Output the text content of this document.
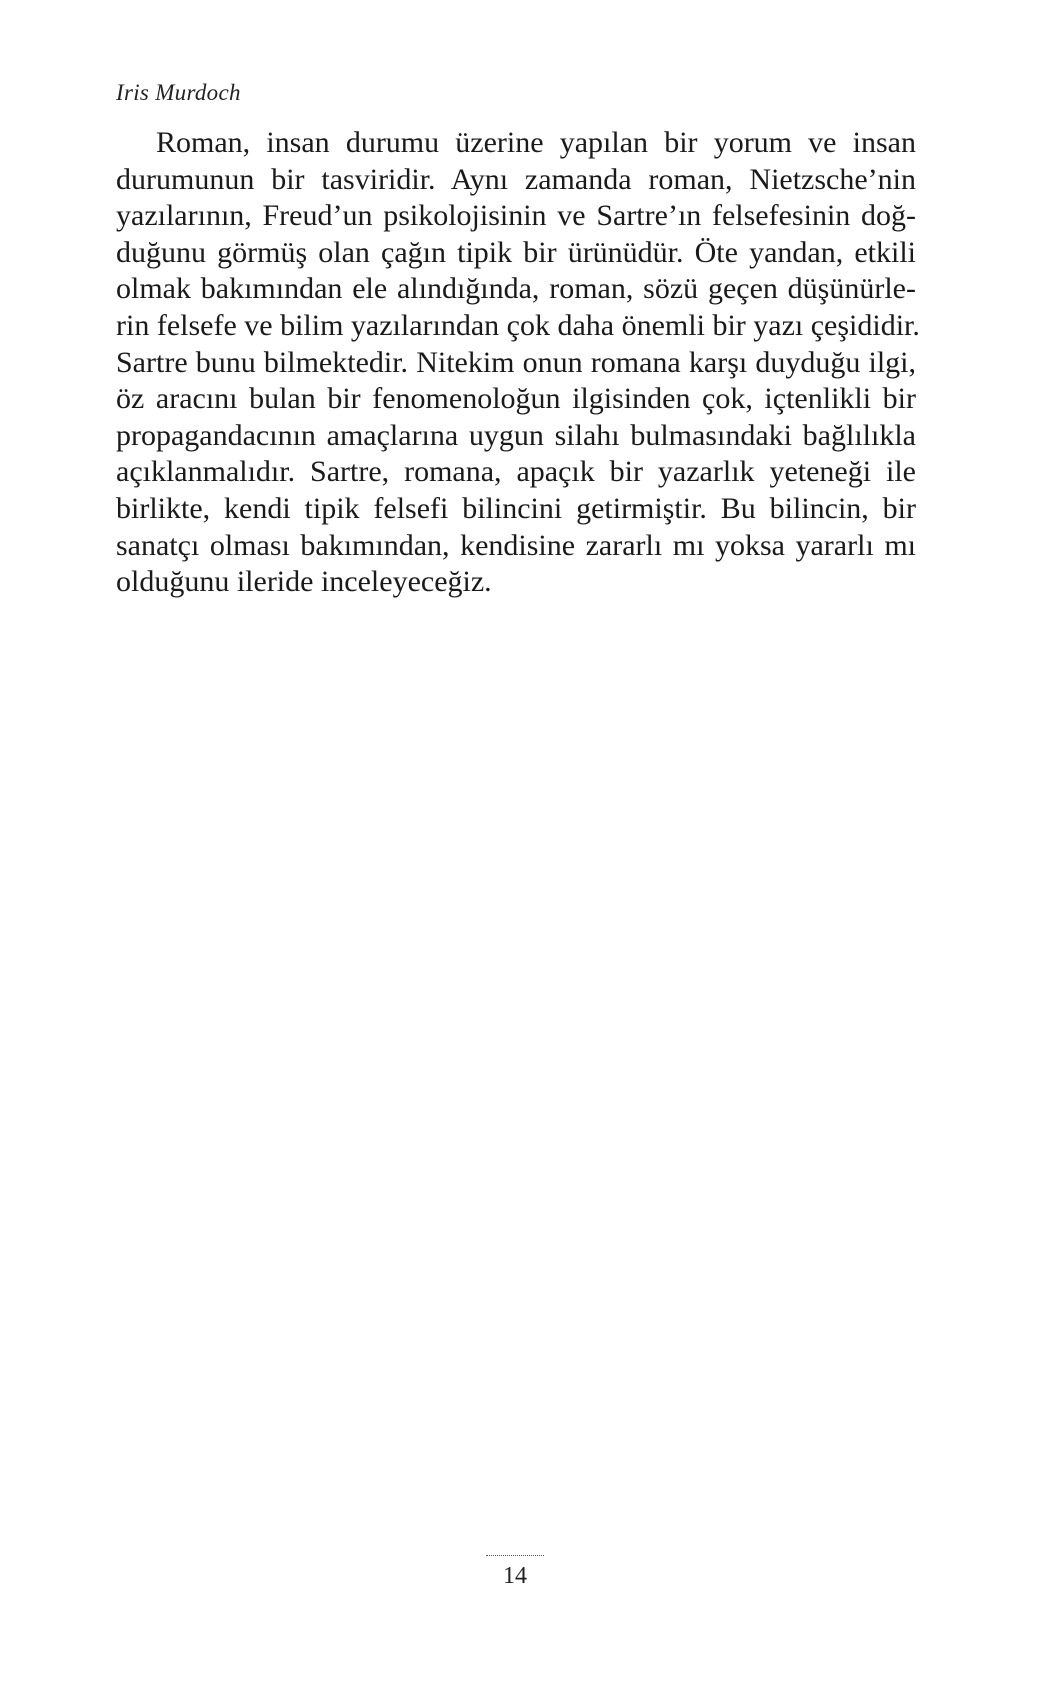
Iris Murdoch
Roman, insan durumu üzerine yapılan bir yorum ve insan
durumunun bir tasviridir. Aynı zamanda roman, Nietzsche’nin
yazılarının, Freud’un psikolojisinin ve Sartre’ın felsefesinin doğ-
duğunu görmüş olan çağın tipik bir ürünüdür. Öte yandan, etkili
olmak bakımından ele alındığında, roman, sözü geçen düşünürle-
rin felsefe ve bilim yazılarından çok daha önemli bir yazı çeşididir.
Sartre bunu bilmektedir. Nitekim onun romana karşı duyduğu ilgi,
öz aracını bulan bir fenomenoloğun ilgisinden çok, içtenlikli bir
propagandacının amaçlarına uygun silahı bulmasındaki bağlılıkla
açıklanmalıdır. Sartre, romana, apaçık bir yazarlık yeteneği ile
birlikte, kendi tipik felsefi bilincini getirmiştir. Bu bilincin, bir
sanatçı olması bakımından, kendisine zararlı mı yoksa yararlı mı
olduğunu ileride inceleyeceğiz.
14
